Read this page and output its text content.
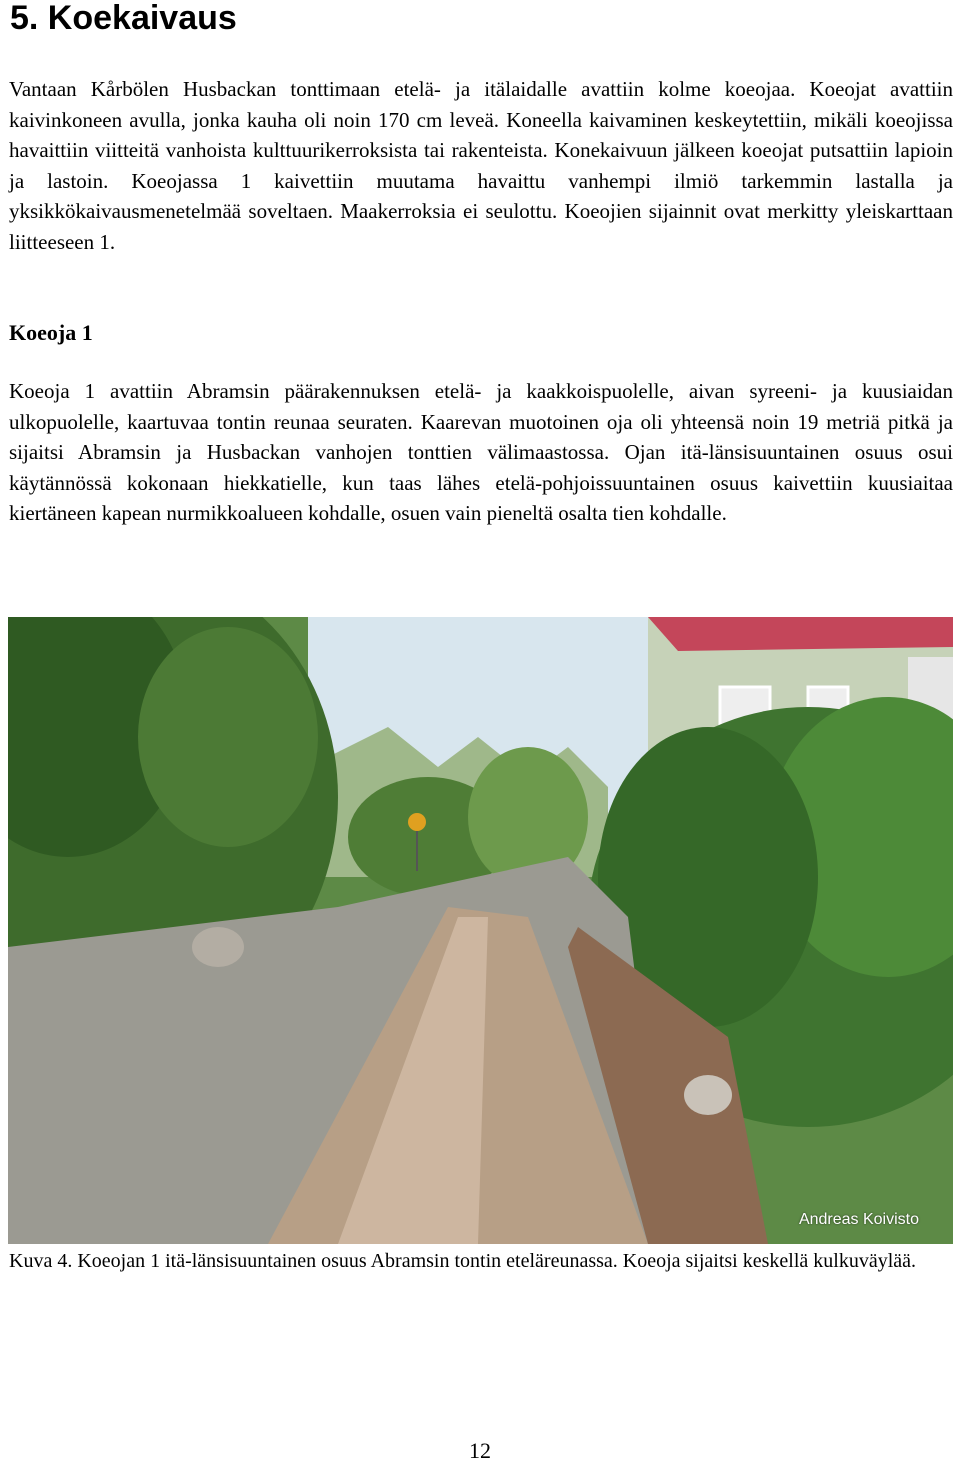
5. Koekaivaus

Vantaan Kårbölen Husbackan tonttimaan etelä- ja itälaidalle avattiin kolme koeojaa. Koeojat avattiin kaivinkoneen avulla, jonka kauha oli noin 170 cm leveä. Koneella kaivaminen keskeytettiin, mikäli koeojissa havaittiin viitteitä vanhoista kulttuurikerroksista tai rakenteista. Konekaivuun jälkeen koeojat putsattiin lapioin ja lastoin. Koeojassa 1 kaivettiin muutama havaittu vanhempi ilmiö tarkemmin lastalla ja yksikkökaivausmenetelmää soveltaen. Maakerroksia ei seulottu. Koeojien sijainnit ovat merkitty yleiskarttaan liitteeseen 1.

Koeoja 1

Koeoja 1 avattiin Abramsin päärakennuksen etelä- ja kaakkoispuolelle, aivan syreeni- ja kuusiaidan ulkopuolelle, kaartuvaa tontin reunaa seuraten. Kaarevan muotoinen oja oli yhteensä noin 19 metriä pitkä ja sijaitsi Abramsin ja Husbackan vanhojen tonttien välimaastossa. Ojan itä-länsisuuntainen osuus osui käytännössä kokonaan hiekkatielle, kun taas lähes etelä-pohjoissuuntainen osuus kaivettiin kuusiaitaa kiertäneen kapean nurmikkoalueen kohdalle, osuen vain pieneltä osalta tien kohdalle.

Andreas Koivisto

Kuva 4. Koeojan 1 itä-länsisuuntainen osuus Abramsin tontin eteläreunassa. Koeoja sijaitsi keskellä kulkuväylää.

12
